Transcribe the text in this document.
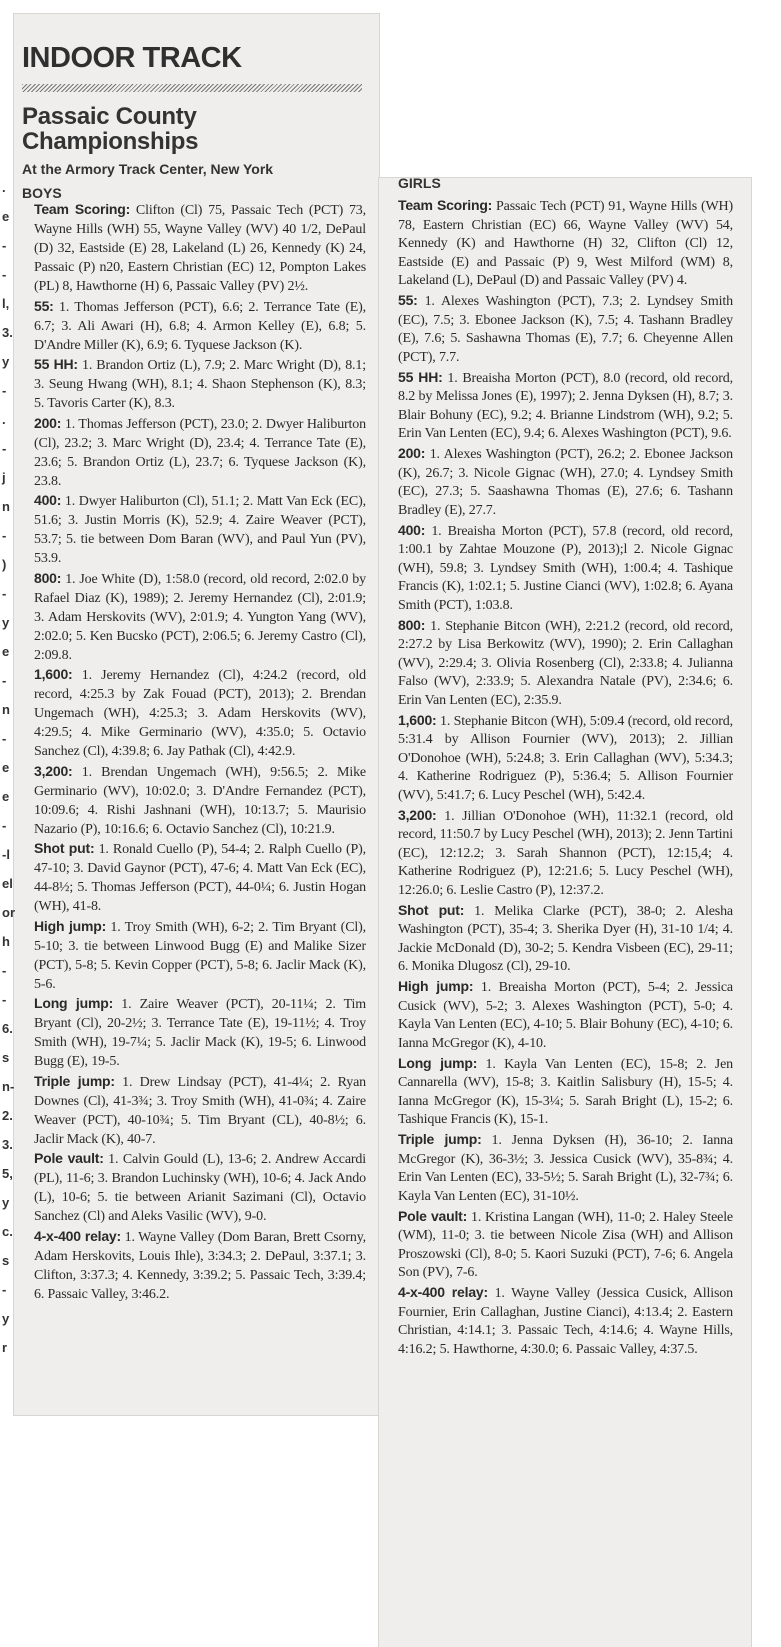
.
e
-
-
l,
3.
y
-
.
-
j
n
-
)
-
y
e
-
n
-
e
e
-
-l
el
or
h
-
-
6.
s
n-
2.
3.
5,
y
c.
s
-
y
r
INDOOR TRACK
Passaic County
Championships
At the Armory Track Center, New York
BOYS
GIRLS
Team Scoring: Clifton (Cl) 75, Passaic Tech (PCT) 73, Wayne Hills (WH) 55, Wayne Valley (WV) 40 1/2, DePaul (D) 32, Eastside (E) 28, Lakeland (L) 26, Kennedy (K) 24, Passaic (P) n20, Eastern Christian (EC) 12, Pompton Lakes (PL) 8, Hawthorne (H) 6, Passaic Valley (PV) 2½.
55: 1. Thomas Jefferson (PCT), 6.6; 2. Terrance Tate (E), 6.7; 3. Ali Awari (H), 6.8; 4. Armon Kelley (E), 6.8; 5. D'Andre Miller (K), 6.9; 6. Tyquese Jackson (K).
55 HH: 1. Brandon Ortiz (L), 7.9; 2. Marc Wright (D), 8.1; 3. Seung Hwang (WH), 8.1; 4. Shaon Stephenson (K), 8.3; 5. Tavoris Carter (K), 8.3.
200: 1. Thomas Jefferson (PCT), 23.0; 2. Dwyer Haliburton (Cl), 23.2; 3. Marc Wright (D), 23.4; 4. Terrance Tate (E), 23.6; 5. Brandon Ortiz (L), 23.7; 6. Tyquese Jackson (K), 23.8.
400: 1. Dwyer Haliburton (Cl), 51.1; 2. Matt Van Eck (EC), 51.6; 3. Justin Morris (K), 52.9; 4. Zaire Weaver (PCT), 53.7; 5. tie between Dom Baran (WV), and Paul Yun (PV), 53.9.
800: 1. Joe White (D), 1:58.0 (record, old record, 2:02.0 by Rafael Diaz (K), 1989); 2. Jeremy Hernandez (Cl), 2:01.9; 3. Adam Herskovits (WV), 2:01.9; 4. Yungton Yang (WV), 2:02.0; 5. Ken Bucsko (PCT), 2:06.5; 6. Jeremy Castro (Cl), 2:09.8.
1,600: 1. Jeremy Hernandez (Cl), 4:24.2 (record, old record, 4:25.3 by Zak Fouad (PCT), 2013); 2. Brendan Ungemach (WH), 4:25.3; 3. Adam Herskovits (WV), 4:29.5; 4. Mike Germinario (WV), 4:35.0; 5. Octavio Sanchez (Cl), 4:39.8; 6. Jay Pathak (Cl), 4:42.9.
3,200: 1. Brendan Ungemach (WH), 9:56.5; 2. Mike Germinario (WV), 10:02.0; 3. D'Andre Fernandez (PCT), 10:09.6; 4. Rishi Jashnani (WH), 10:13.7; 5. Maurisio Nazario (P), 10:16.6; 6. Octavio Sanchez (Cl), 10:21.9.
Shot put: 1. Ronald Cuello (P), 54-4; 2. Ralph Cuello (P), 47-10; 3. David Gaynor (PCT), 47-6; 4. Matt Van Eck (EC), 44-8½; 5. Thomas Jefferson (PCT), 44-0¼; 6. Justin Hogan (WH), 41-8.
High jump: 1. Troy Smith (WH), 6-2; 2. Tim Bryant (Cl), 5-10; 3. tie between Linwood Bugg (E) and Malike Sizer (PCT), 5-8; 5. Kevin Copper (PCT), 5-8; 6. Jaclir Mack (K), 5-6.
Long jump: 1. Zaire Weaver (PCT), 20-11¼; 2. Tim Bryant (Cl), 20-2½; 3. Terrance Tate (E), 19-11½; 4. Troy Smith (WH), 19-7¼; 5. Jaclir Mack (K), 19-5; 6. Linwood Bugg (E), 19-5.
Triple jump: 1. Drew Lindsay (PCT), 41-4¼; 2. Ryan Downes (Cl), 41-3¾; 3. Troy Smith (WH), 41-0¾; 4. Zaire Weaver (PCT), 40-10¾; 5. Tim Bryant (CL), 40-8½; 6. Jaclir Mack (K), 40-7.
Pole vault: 1. Calvin Gould (L), 13-6; 2. Andrew Accardi (PL), 11-6; 3. Brandon Luchinsky (WH), 10-6; 4. Jack Ando (L), 10-6; 5. tie between Arianit Sazimani (Cl), Octavio Sanchez (Cl) and Aleks Vasilic (WV), 9-0.
4-x-400 relay: 1. Wayne Valley (Dom Baran, Brett Csorny, Adam Herskovits, Louis Ihle), 3:34.3; 2. DePaul, 3:37.1; 3. Clifton, 3:37.3; 4. Kennedy, 3:39.2; 5. Passaic Tech, 3:39.4; 6. Passaic Valley, 3:46.2.
Team Scoring: Passaic Tech (PCT) 91, Wayne Hills (WH) 78, Eastern Christian (EC) 66, Wayne Valley (WV) 54, Kennedy (K) and Hawthorne (H) 32, Clifton (Cl) 12, Eastside (E) and Passaic (P) 9, West Milford (WM) 8, Lakeland (L), DePaul (D) and Passaic Valley (PV) 4.
55: 1. Alexes Washington (PCT), 7.3; 2. Lyndsey Smith (EC), 7.5; 3. Ebonee Jackson (K), 7.5; 4. Tashann Bradley (E), 7.6; 5. Sashawna Thomas (E), 7.7; 6. Cheyenne Allen (PCT), 7.7.
55 HH: 1. Breaisha Morton (PCT), 8.0 (record, old record, 8.2 by Melissa Jones (E), 1997); 2. Jenna Dyksen (H), 8.7; 3. Blair Bohuny (EC), 9.2; 4. Brianne Lindstrom (WH), 9.2; 5. Erin Van Lenten (EC), 9.4; 6. Alexes Washington (PCT), 9.6.
200: 1. Alexes Washington (PCT), 26.2; 2. Ebonee Jackson (K), 26.7; 3. Nicole Gignac (WH), 27.0; 4. Lyndsey Smith (EC), 27.3; 5. Saashawna Thomas (E), 27.6; 6. Tashann Bradley (E), 27.7.
400: 1. Breaisha Morton (PCT), 57.8 (record, old record, 1:00.1 by Zahtae Mouzone (P), 2013);l 2. Nicole Gignac (WH), 59.8; 3. Lyndsey Smith (WH), 1:00.4; 4. Tashique Francis (K), 1:02.1; 5. Justine Cianci (WV), 1:02.8; 6. Ayana Smith (PCT), 1:03.8.
800: 1. Stephanie Bitcon (WH), 2:21.2 (record, old record, 2:27.2 by Lisa Berkowitz (WV), 1990); 2. Erin Callaghan (WV), 2:29.4; 3. Olivia Rosenberg (Cl), 2:33.8; 4. Julianna Falso (WV), 2:33.9; 5. Alexandra Natale (PV), 2:34.6; 6. Erin Van Lenten (EC), 2:35.9.
1,600: 1. Stephanie Bitcon (WH), 5:09.4 (record, old record, 5:31.4 by Allison Fournier (WV), 2013); 2. Jillian O'Donohoe (WH), 5:24.8; 3. Erin Callaghan (WV), 5:34.3; 4. Katherine Rodriguez (P), 5:36.4; 5. Allison Fournier (WV), 5:41.7; 6. Lucy Peschel (WH), 5:42.4.
3,200: 1. Jillian O'Donohoe (WH), 11:32.1 (record, old record, 11:50.7 by Lucy Peschel (WH), 2013); 2. Jenn Tartini (EC), 12:12.2; 3. Sarah Shannon (PCT), 12:15,4; 4. Katherine Rodriguez (P), 12:21.6; 5. Lucy Peschel (WH), 12:26.0; 6. Leslie Castro (P), 12:37.2.
Shot put: 1. Melika Clarke (PCT), 38-0; 2. Alesha Washington (PCT), 35-4; 3. Sherika Dyer (H), 31-10 1/4; 4. Jackie McDonald (D), 30-2; 5. Kendra Visbeen (EC), 29-11; 6. Monika Dlugosz (Cl), 29-10.
High jump: 1. Breaisha Morton (PCT), 5-4; 2. Jessica Cusick (WV), 5-2; 3. Alexes Washington (PCT), 5-0; 4. Kayla Van Lenten (EC), 4-10; 5. Blair Bohuny (EC), 4-10; 6. Ianna McGregor (K), 4-10.
Long jump: 1. Kayla Van Lenten (EC), 15-8; 2. Jen Cannarella (WV), 15-8; 3. Kaitlin Salisbury (H), 15-5; 4. Ianna McGregor (K), 15-3¼; 5. Sarah Bright (L), 15-2; 6. Tashique Francis (K), 15-1.
Triple jump: 1. Jenna Dyksen (H), 36-10; 2. Ianna McGregor (K), 36-3½; 3. Jessica Cusick (WV), 35-8¾; 4. Erin Van Lenten (EC), 33-5½; 5. Sarah Bright (L), 32-7¾; 6. Kayla Van Lenten (EC), 31-10½.
Pole vault: 1. Kristina Langan (WH), 11-0; 2. Haley Steele (WM), 11-0; 3. tie between Nicole Zisa (WH) and Allison Proszowski (Cl), 8-0; 5. Kaori Suzuki (PCT), 7-6; 6. Angela Son (PV), 7-6.
4-x-400 relay: 1. Wayne Valley (Jessica Cusick, Allison Fournier, Erin Callaghan, Justine Cianci), 4:13.4; 2. Eastern Christian, 4:14.1; 3. Passaic Tech, 4:14.6; 4. Wayne Hills, 4:16.2; 5. Hawthorne, 4:30.0; 6. Passaic Valley, 4:37.5.
